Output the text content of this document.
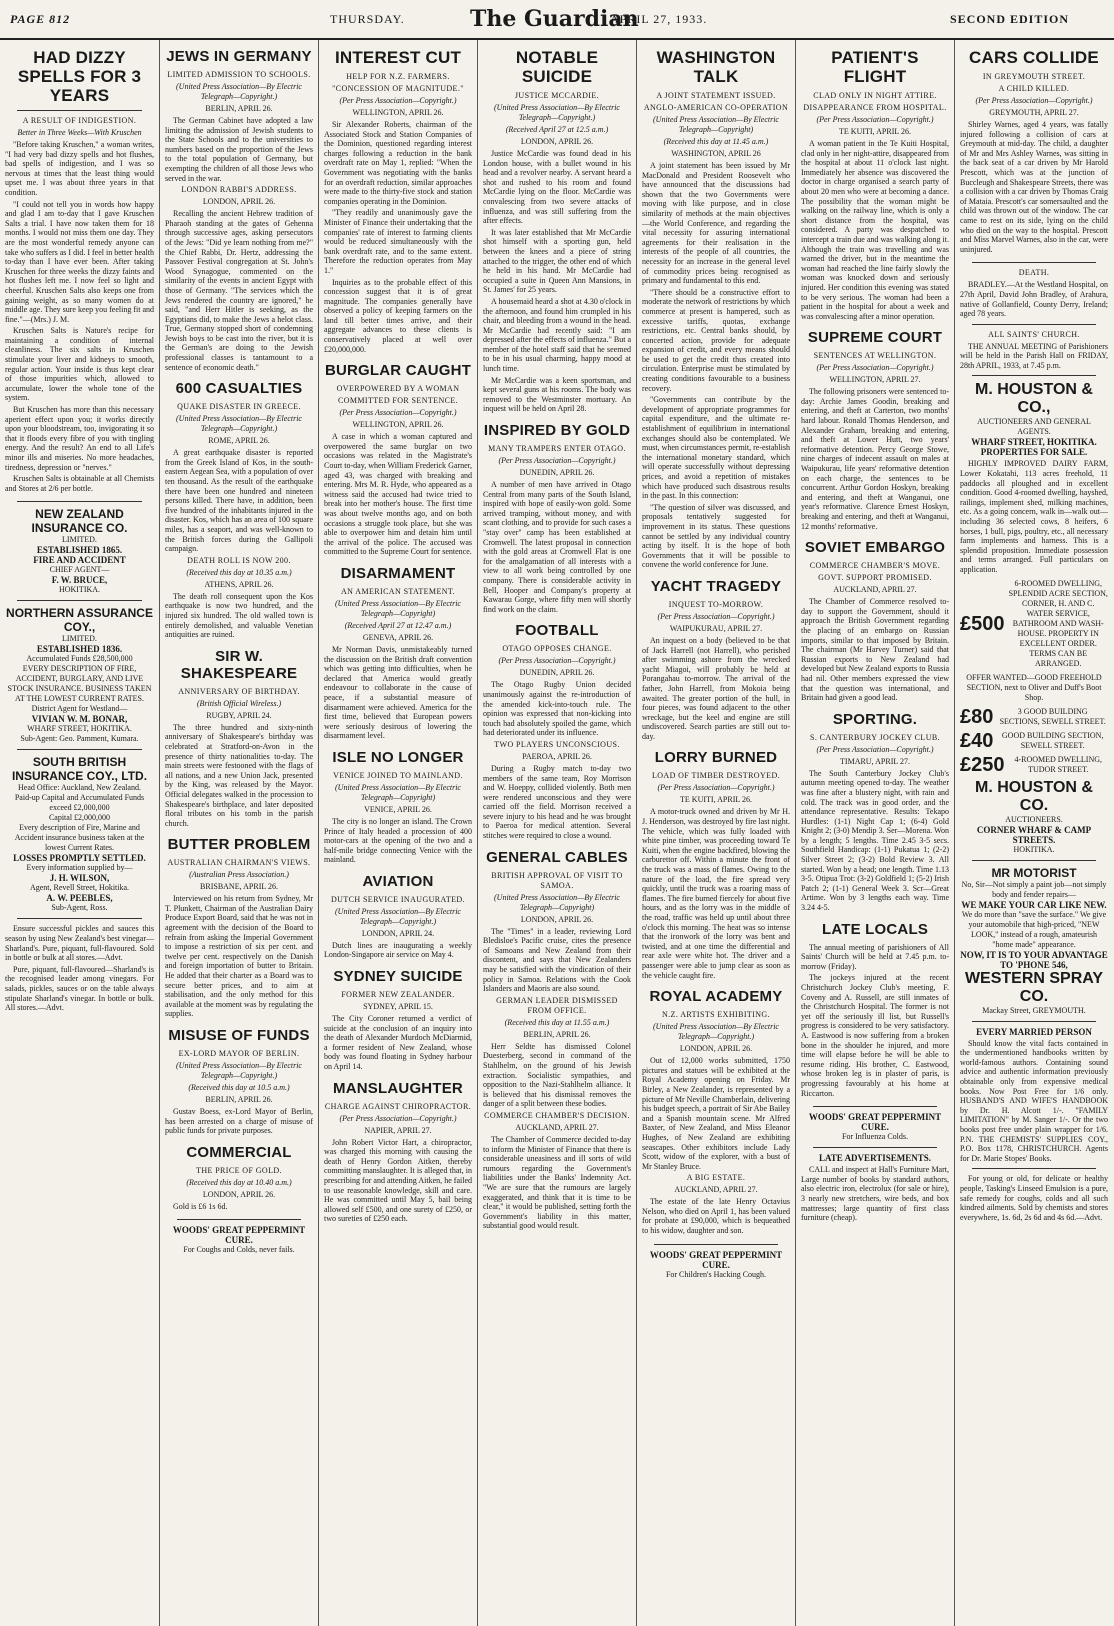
PAGE 812	THURSDAY.	The Guardian
APRIL 27, 1933.	SECOND EDITION
HAD DIZZY SPELLS FOR 3 YEARS
A RESULT OF INDIGESTION.
Better in Three Weeks—With Kruschen

"Before taking Kruschen," a woman writes, "I had very bad dizzy spells and hot flushes, bad spells of indigestion, and I was so nervous at times that the least thing would upset me. I was about three years in that condition.

"I could not tell you in words how happy and glad I am to-day that I gave Kruschen Salts a trial. I have now taken them for 18 months. I would not miss them one day. They are the most wonderful remedy anyone can take who suffers as I did. I feel in better health to-day than I have ever been. After taking Kruschen for three weeks the dizzy faints and hot flushes left me. I now feel so light and cheerful. Kruschen Salts also keeps one from gaining weight, as so many women do at middle age. They sure keep you feeling fit and fine."—(Mrs.) J. M.

Kruschen Salts is Nature's recipe for maintaining a condition of internal cleanliness. The six salts in Kruschen stimulate your liver and kidneys to smooth, regular action. Your inside is thus kept clear of those impurities which, allowed to accumulate, lower the whole tone of the system.

But Kruschen has more than this necessary aperient effect upon you; it works directly upon your bloodstream, too, invigorating it so that it floods every fibre of you with tingling energy. And the result? An end to all Life's minor ills and miseries. No more headaches, tiredness, depression or "nerves."

Kruschen Salts is obtainable at all Chemists and Stores at 2/6 per bottle.

NEW ZEALAND INSURANCE CO.
LIMITED.
ESTABLISHED 1865.
FIRE AND ACCIDENT
CHIEF AGENT—
F. W. BRUCE,
HOKITIKA.
NORTHERN ASSURANCE COY.,
LIMITED.
ESTABLISHED 1836.
Accumulated Funds £28,500,000
EVERY DESCRIPTION OF FIRE, ACCIDENT, BURGLARY, AND LIVE STOCK INSURANCE. BUSINESS TAKEN AT THE LOWEST CURRENT RATES.
District Agent for Westland—
VIVIAN W. M. BONAR,
WHARF STREET, HOKITIKA.
Sub-Agent: Geo. Pamment, Kumara.
SOUTH BRITISH INSURANCE COY., LTD.
Head Office: Auckland, New Zealand.
Paid-up Capital and Accumulated Funds exceed £2,000,000
Capital £2,000,000
Every description of Fire, Marine and Accident insurance business taken at the lowest Current Rates.
LOSSES PROMPTLY SETTLED.
Every information supplied by—
J. H. WILSON,
Agent, Revell Street, Hokitika.
A. W. PEEBLES,
Sub-Agent, Ross.

Ensure successful pickles and sauces this season by using New Zealand's best vinegar—Sharland's. Pure, piquant, full-flavoured. Sold in bottle or bulk at all stores.—Advt.

Pure, piquant, full-flavoured—Sharland's is the recognised leader among vinegars. For salads, pickles, sauces or on the table always stipulate Sharland's vinegar. In bottle or bulk. All stores.—Advt.

JEWS IN GERMANY
LIMITED ADMISSION TO SCHOOLS.
(United Press Association—By Electric Telegraph—Copyright.)
BERLIN, APRIL 26.

The German Cabinet have adopted a law limiting the admission of Jewish students to the State Schools and to the universities to numbers based on the proportion of the Jews to the total population of Germany, but exempting the children of all those Jews who served in the war.

LONDON RABBI'S ADDRESS.
LONDON, APRIL 26.

Recalling the ancient Hebrew tradition of Pharaoh standing at the gates of Gehenna through successive ages, asking persecutors of the Jews: "Did ye learn nothing from me?" the Chief Rabbi, Dr. Hertz, addressing the Passover Festival congregation at St. John's Wood Synagogue, commented on the similarity of the events in ancient Egypt with those of Germany. "The services which the Jews rendered the country are ignored," he said, "and Herr Hitler is seeking, as the Egyptians did, to make the Jews a helot class. True, Germany stopped short of condemning Jewish boys to be cast into the river, but it is the German's are doing to the Jewish professional classes is tantamount to a sentence of economic death."

600 CASUALTIES
QUAKE DISASTER IN GREECE.
(United Press Association—By Electric Telegraph—Copyright.)
ROME, APRIL 26.

A great earthquake disaster is reported from the Greek Island of Kos, in the south-eastern Aegean Sea, with a population of over ten thousand. As the result of the earthquake there have been one hundred and nineteen persons killed. There have, in addition, been five hundred of the inhabitants injured in the disaster. Kos, which has an area of 100 square miles, has a seaport, and was well-known to the British forces during the Gallipoli campaign.

DEATH ROLL IS NOW 200.
(Received this day at 10.35 a.m.)
ATHENS, APRIL 26.

The death roll consequent upon the Kos earthquake is now two hundred, and the injured six hundred. The old walled town is entirely demolished, and valuable Venetian antiquities are ruined.

SIR W. SHAKESPEARE
ANNIVERSARY OF BIRTHDAY.
(British Official Wireless.)
RUGBY, APRIL 24.

The three hundred and sixty-ninth anniversary of Shakespeare's birthday was celebrated at Stratford-on-Avon in the presence of thirty nationalities to-day. The main streets were festooned with the flags of all nations, and a new Union Jack, presented by the King, was released by the Mayor. Official delegates walked in the procession to Shakespeare's birthplace, and later deposited floral tributes on his tomb in the parish church.

BUTTER PROBLEM
AUSTRALIAN CHAIRMAN'S VIEWS.
(Australian Press Association.)
BRISBANE, APRIL 26.

Interviewed on his return from Sydney, Mr T. Plunkett, Chairman of the Australian Dairy Produce Export Board, said that he was not in agreement with the decision of the Board to refrain from asking the Imperial Government to impose a restriction of six per cent. and twelve per cent. respectively on the Danish and foreign importation of butter to Britain. He added that their charter as a Board was to secure better prices, and to aim at stabilisation, and the only method for this available at the moment was by regulating the supplies.

MISUSE OF FUNDS
EX-LORD MAYOR OF BERLIN.
(United Press Association—By Electric Telegraph—Copyright.)
(Received this day at 10.5 a.m.)
BERLIN, APRIL 26.

Gustav Boess, ex-Lord Mayor of Berlin, has been arrested on a charge of misuse of public funds for private purposes.

COMMERCIAL
THE PRICE OF GOLD.
(Received this day at 10.40 a.m.)
LONDON, APRIL 26.

Gold is £6 1s 6d.

WOODS' GREAT PEPPERMINT CURE.
For Coughs and Colds, never fails.
INTEREST CUT
HELP FOR N.Z. FARMERS.
"CONCESSION OF MAGNITUDE."
(Per Press Association—Copyright.)
WELLINGTON, APRIL 26.

Sir Alexander Roberts, chairman of the Associated Stock and Station Companies of the Dominion, questioned regarding interest charges following a reduction in the bank overdraft rate on May 1, replied: "When the Government was negotiating with the banks for an overdraft reduction, similar approaches were made to the thirty-five stock and station companies operating in the Dominion.

"They readily and unanimously gave the Minister of Finance their undertaking that the companies' rate of interest to farming clients would be reduced simultaneously with the bank overdraft rate, and to the same extent. Therefore the reduction operates from May 1."

Inquiries as to the probable effect of this concession suggest that it is of great magnitude. The companies generally have observed a policy of keeping farmers on the land till better times arrive, and their aggregate advances to these clients is conservatively placed at well over £20,000,000.

BURGLAR CAUGHT
OVERPOWERED BY A WOMAN
COMMITTED FOR SENTENCE.
(Per Press Association—Copyright.)
WELLINGTON, APRIL 26.

A case in which a woman captured and overpowered the same burglar on two occasions was related in the Magistrate's Court to-day, when William Frederick Garner, aged 43, was charged with breaking and entering. Mrs M. R. Hyde, who appeared as a witness said the accused had twice tried to break into her mother's house. The first time was about twelve months ago, and on both occasions a struggle took place, but she was able to overpower him and detain him until the arrival of the police. The accused was committed to the Supreme Court for sentence.

DISARMAMENT
AN AMERICAN STATEMENT.
(United Press Association—By Electric Telegraph—Copyright)
(Received April 27 at 12.47 a.m.)
GENEVA, APRIL 26.

Mr Norman Davis, unmistakeably turned the discussion on the British draft convention which was getting into difficulties, when he declared that America would greatly endeavour to collaborate in the cause of peace, if a substantial measure of disarmament were achieved. America for the first time, believed that European powers were seriously desirous of lowering the disarmament level.

ISLE NO LONGER
VENICE JOINED TO MAINLAND.
(United Press Association—By Electric Telegraph—Copyright)
VENICE, APRIL 26.

The city is no longer an island. The Crown Prince of Italy headed a procession of 400 motor-cars at the opening of the two and a half-mile bridge connecting Venice with the mainland.

AVIATION
DUTCH SERVICE INAUGURATED.
(United Press Association—By Electric Telegraph—Copyright.)
LONDON, APRIL 24.

Dutch lines are inaugurating a weekly London-Singapore air service on May 4.

SYDNEY SUICIDE
FORMER NEW ZEALANDER.
SYDNEY, APRIL 15.

The City Coroner returned a verdict of suicide at the conclusion of an inquiry into the death of Alexander Murdoch McDiarmid, a former resident of New Zealand, whose body was found floating in Sydney harbour on April 14.

MANSLAUGHTER
CHARGE AGAINST CHIROPRACTOR.
(Per Press Association—Copyright.)
NAPIER, APRIL 27.

John Robert Victor Hart, a chiropractor, was charged this morning with causing the death of Henry Gordon Aitken, thereby committing manslaughter. It is alleged that, in prescribing for and attending Aitken, he failed to use reasonable knowledge, skill and care. He was committed until May 5, bail being allowed self £500, and one surety of £250, or two sureties of £250 each.

NOTABLE SUICIDE
JUSTICE MCCARDIE.
(United Press Association—By Electric Telegraph—Copyright.)
(Received April 27 at 12.5 a.m.)
LONDON, APRIL 26.

Justice McCardie was found dead in his London house, with a bullet wound in his head and a revolver nearby. A servant heard a shot and rushed to his room and found McCardie lying on the floor. McCardie was convalescing from two severe attacks of influenza, and was still suffering from the after effects.

It was later established that Mr McCardie shot himself with a sporting gun, held between the knees and a piece of string attached to the trigger, the other end of which he held in his hand. Mr McCardie had occupied a suite in Queen Ann Mansions, in St. James' for 25 years.

A housemaid heard a shot at 4.30 o'clock in the afternoon, and found him crumpled in his chair, and bleeding from a wound in the head. Mr McCardie had recently said: "I am depressed after the effects of influenza." But a member of the hotel staff said that he seemed to be in his usual charming, happy mood at lunch time.

Mr McCardie was a keen sportsman, and kept several guns at his rooms. The body was removed to the Westminster mortuary. An inquest will be held on April 28.

INSPIRED BY GOLD
MANY TRAMPERS ENTER OTAGO.
(Per Press Association—Copyright.)
DUNEDIN, APRIL 26.

A number of men have arrived in Otago Central from many parts of the South Island, inspired with hope of easily-won gold. Some arrived tramping, without money, and with scant clothing, and to provide for such cases a "stay over" camp has been established at Cromwell. The latest proposal in connection with the gold areas at Cromwell Flat is one for the amalgamation of all interests with a view to all work being controlled by one company. There is considerable activity in Bell, Hooper and Company's property at Kawarau Gorge, where fifty men will shortly find work on the claim.

FOOTBALL
OTAGO OPPOSES CHANGE.
(Per Press Association—Copyright.)
DUNEDIN, APRIL 26.

The Otago Rugby Union decided unanimously against the re-introduction of the amended kick-into-touch rule. The opinion was expressed that non-kicking into touch had absolutely spoiled the game, which had deteriorated under its influence.

TWO PLAYERS UNCONSCIOUS.
PAEROA, APRIL 26.

During a Rugby match to-day two members of the same team, Roy Morrison and W. Hoeppy, collided violently. Both men were rendered unconscious and they were carried off the field. Morrison received a severe injury to his head and he was brought to Paeroa for medical attention. Several stitches were required to close a wound.

GENERAL CABLES
BRITISH APPROVAL OF VISIT TO SAMOA.
(United Press Association—By Electric Telegraph—Copyright)
LONDON, APRIL 26.

The "Times" in a leader, reviewing Lord Bledisloe's Pacific cruise, cites the presence of Samoans and New Zealand from their discontent, and says that New Zealanders may be satisfied with the vindication of their policy in Samoa. Relations with the Cook Islanders and Maoris are also sound.

GERMAN LEADER DISMISSED FROM OFFICE.
(Received this day at 11.55 a.m.)
BERLIN, APRIL 26.

Herr Seldte has dismissed Colonel Duesterberg, second in command of the Stahlhelm, on the ground of his Jewish extraction. Socialistic sympathies, and opposition to the Nazi-Stahlhelm alliance. It is believed that his dismissal removes the danger of a split between these bodies.

COMMERCE CHAMBER'S DECISION.
AUCKLAND, APRIL 27.

The Chamber of Commerce decided to-day to inform the Minister of Finance that there is considerable uneasiness and ill sorts of wild rumours regarding the Government's liabilities under the Banks' Indemnity Act. "We are sure that the rumours are largely exaggerated, and think that it is time to be clear," it would be published, setting forth the Government's liability in this matter, substantial good would result.

WASHINGTON TALK
A JOINT STATEMENT ISSUED.
ANGLO-AMERICAN CO-OPERATION
(United Press Association—By Electric Telegraph—Copyright)
(Received this day at 11.45 a.m.)
WASHINGTON, APRIL 26

A joint statement has been issued by Mr MacDonald and President Roosevelt who have announced that the discussions had shown that the two Governments were moving with like purpose, and in close similarity of methods at the main objectives—the World Conference, and regarding the vital necessity for assuring international agreements for their realisation in the interests of the people of all countries, the necessity for an increase in the general level of commodity prices being recognised as primary and fundamental to this end.

"There should be a constructive effort to moderate the network of restrictions by which commerce at present is hampered, such as excessive tariffs, quotas, exchange restrictions, etc. Central banks should, by concerted action, provide for adequate expansion of credit, and every means should be used to get the credit thus created into circulation. Enterprise must be stimulated by creating conditions favourable to a business recovery.

"Governments can contribute by the development of appropriate programmes for capital expenditure, and the ultimate re-establishment of equilibrium in international exchanges should also be contemplated. We must, when circumstances permit, re-establish the international monetary standard, which will operate successfully without depressing prices, and avoid a repetition of mistakes which have produced such disastrous results in the past. In this connection:

"The question of silver was discussed, and proposals tentatively suggested for improvement in its status. These questions cannot be settled by any individual country acting by itself. It is the hope of both Governments that it will be possible to convene the world conference for June.

YACHT TRAGEDY
INQUEST TO-MORROW.
(Per Press Association—Copyright.)
WAIPUKURAU, APRIL 27.

An inquest on a body (believed to be that of Jack Harrell (not Harrell), who perished after swimming ashore from the wrecked yacht Miagoi, will probably be held at Porangahau to-morrow. The arrival of the father, John Harrell, from Mokoia being awaited. The greater portion of the hull, in four pieces, was found adjacent to the other wreckage, but the keel and engine are still undiscovered. Search parties are still out to-day.

LORRY BURNED
LOAD OF TIMBER DESTROYED.
(Per Press Association—Copyright.)
TE KUITI, APRIL 26.

A motor-truck owned and driven by Mr H. J. Henderson, was destroyed by fire last night. The vehicle, which was fully loaded with white pine timber, was proceeding toward Te Kuiti, when the engine backfired, blowing the carburettor off. Within a minute the front of the truck was a mass of flames. Owing to the nature of the load, the fire spread very quickly, until the truck was a roaring mass of flames. The fire burned fiercely for about five hours, and as the lorry was in the middle of the road, traffic was held up until about three o'clock this morning. The heat was so intense that the ironwork of the lorry was bent and twisted, and at one time the differential and rear axle were white hot. The driver and a passenger were able to jump clear as soon as the vehicle caught fire.

ROYAL ACADEMY
N.Z. ARTISTS EXHIBITING.
(United Press Association—By Electric Telegraph—Copyright.)
LONDON, APRIL 26.

Out of 12,000 works submitted, 1750 pictures and statues will be exhibited at the Royal Academy opening on Friday. Mr Birley, a New Zealander, is represented by a picture of Mr Neville Chamberlain, delivering his budget speech, a portrait of Sir Abe Bailey and a Spanish mountain scene. Mr Alfred Baxter, of New Zealand, and Miss Eleanor Hughes, of New Zealand are exhibiting seascapes. Other exhibitors include Lady Scott, widow of the explorer, with a bust of Mr Stanley Bruce.

A BIG ESTATE.
AUCKLAND, APRIL 27.

The estate of the late Henry Octavius Nelson, who died on April 1, has been valued for probate at £90,000, which is bequeathed to his widow, daughter and son.

WOODS' GREAT PEPPERMINT CURE.
For Children's Hacking Cough.
PATIENT'S FLIGHT
CLAD ONLY IN NIGHT ATTIRE.
DISAPPEARANCE FROM HOSPITAL.
(Per Press Association—Copyright.)
TE KUITI, APRIL 26.

A woman patient in the Te Kuiti Hospital, clad only in her night-attire, disappeared from the hospital at about 11 o'clock last night. Immediately her absence was discovered the doctor in charge organised a search party of about 20 men who were at becoming a dance. The possibility that the woman might be walking on the railway line, which is only a short distance from the hospital, was considered. A party was despatched to intercept a train due and was walking along it. Although the train was travelling and was warned the driver, but in the meantime the woman had reached the line fairly slowly the woman was knocked down and seriously injured. Her condition this evening was stated to be very serious. The woman had been a patient in the hospital for about a week and was convalescing after a minor operation.

SUPREME COURT
SENTENCES AT WELLINGTON.
(Per Press Association—Copyright.)
WELLINGTON, APRIL 27.

The following prisoners were sentenced to-day: Archie James Goodin, breaking and entering, and theft at Carterton, two months' hard labour. Ronald Thomas Henderson, and Alexander Graham, breaking and entering, and theft at Lower Hutt, two years' reformative detention. Percy George Stowe, nine charges of indecent assault on males at Waipukurau, life years' reformative detention on each charge, the sentences to be concurrent. Arthur Gordon Hoskyn, breaking and entering, and theft at Wanganui, one year's reformative. Clarence Ernest Hoskyn, breaking and entering, and theft at Wanganui, 12 months' reformative.

SOVIET EMBARGO
COMMERCE CHAMBER'S MOVE.
GOVT. SUPPORT PROMISED.
AUCKLAND, APRIL 27.

The Chamber of Commerce resolved to-day to support the Government, should it approach the British Government regarding the placing of an embargo on Russian imports, similar to that imposed by Britain. The chairman (Mr Harvey Turner) said that Russian exports to New Zealand had developed but New Zealand exports to Russia had nil. Other members expressed the view that the question was international, and Britain had given a good lead.

SPORTING.
S. CANTERBURY JOCKEY CLUB.
(Per Press Association—Copyright.)
TIMARU, APRIL 27.

The South Canterbury Jockey Club's autumn meeting opened to-day. The weather was fine after a blustery night, with rain and cold. The track was in good order, and the attendance representative. Results: Tekapo Hurdles: (1-1) Night Cap 1; (6-4) Gold Knight 2; (3-0) Mendip 3. Ser—Morena. Won by a length; 5 lengths. Time 2.45 3-5 secs. Southfield Handicap: (1-1) Pukatua 1; (2-2) Silver Street 2; (3-2) Bold Review 3. All started. Won by a head; one length. Time 1.13 3-5. Otipua Trot: (3-2) Goldfield 1; (5-2) Irish Patch 2; (1-1) General Week 3. Scr—Great Artime. Won by 3 lengths each way. Time 3.24 4-5.

LATE LOCALS

The annual meeting of parishioners of All Saints' Church will be held at 7.45 p.m. to-morrow (Friday).

The jockeys injured at the recent Christchurch Jockey Club's meeting, F. Coveny and A. Russell, are still inmates of the Christchurch Hospital. The former is not yet off the seriously ill list, but Russell's progress is considered to be very satisfactory. A. Eastwood is now suffering from a broken bone in the shoulder he injured, and more time will elapse before he will be able to resume riding. His brother, C. Eastwood, whose broken leg is in plaster of paris, is progressing favourably at his home at Riccarton.

WOODS' GREAT PEPPERMINT CURE.
For Influenza Colds.
LATE ADVERTISEMENTS.

CALL and inspect at Hall's Furniture Mart, Large number of books by standard authors, also electric iron, electrolux (for sale or hire), 3 nearly new stretchers, wire beds, and box mattresses; large quantity of first class furniture (cheap).

CARS COLLIDE
IN GREYMOUTH STREET.
A CHILD KILLED.
(Per Press Association—Copyright.)
GREYMOUTH, APRIL 27.

Shirley Warnes, aged 4 years, was fatally injured following a collision of cars at Greymouth at mid-day. The child, a daughter of Mr and Mrs Ashley Warnes, was sitting in the back seat of a car driven by Mr Harold Prescott, which was at the junction of Buccleugh and Shakespeare Streets, there was a collision with a car driven by Thomas Craig of Mataia. Prescott's car somersaulted and the child was thrown out of the window. The car came to rest on its side, lying on the child who died on the way to the hospital. Prescott and Miss Marvel Warnes, also in the car, were uninjured.

DEATH.

BRADLEY.—At the Westland Hospital, on 27th April, David John Bradley, of Arahura, native of Gollanfield, County Derry, Ireland; aged 78 years.

ALL SAINTS' CHURCH.

THE ANNUAL MEETING of Parishioners will be held in the Parish Hall on FRIDAY, 28th APRIL, 1933, at 7.45 p.m.

M. HOUSTON & CO.,
AUCTIONEERS AND GENERAL AGENTS.
WHARF STREET, HOKITIKA.
PROPERTIES FOR SALE.

HIGHLY IMPROVED DAIRY FARM, Lower Kokatahi, 113 acres freehold, 11 paddocks all ploughed and in excellent condition. Good 4-roomed dwelling, hayshed, railings, implement shed, milking machines, etc. As a going concern, walk in—walk out—including 36 selected cows, 8 heifers, 6 horses, 1 bull, pigs, poultry, etc., all necessary farm implements and harness. This is a splendid proposition. Immediate possession and terms arranged. Full particulars on application.

£500
6-ROOMED DWELLING, SPLENDID ACRE SECTION, CORNER, H. AND C. WATER SERVICE, BATHROOM AND WASH-HOUSE. PROPERTY IN EXCELLENT ORDER. TERMS CAN BE ARRANGED.
OFFER WANTED—GOOD FREEHOLD SECTION, next to Oliver and Duff's Boot Shop.
£80	3 GOOD BUILDING SECTIONS, SEWELL STREET.
£40	GOOD BUILDING SECTION, SEWELL STREET.
£250	4-ROOMED DWELLING, TUDOR STREET.
M. HOUSTON & CO.
AUCTIONEERS.
CORNER WHARF & CAMP STREETS.
HOKITIKA.
MR MOTORIST
No, Sir—Not simply a paint job—not simply body and fender repairs—
WE MAKE YOUR CAR LIKE NEW.
We do more than "save the surface." We give your automobile that high-priced, "NEW LOOK," instead of a rough, amateurish "home made" appearance.
NOW, IT IS TO YOUR ADVANTAGE TO 'PHONE 546,
WESTERN SPRAY CO.
Mackay Street, GREYMOUTH.
EVERY MARRIED PERSON

Should know the vital facts contained in the undermentioned handbooks written by world-famous authors. Containing sound advice and authentic information previously obtainable only from expensive medical books. Now Post Free for 1/6 only. HUSBAND'S AND WIFE'S HANDBOOK by Dr. H. Alcott 1/-. "FAMILY LIMITATION" by M. Sanger 1/-. Or the two books post free under plain wrapper for 1/6. P.N. THE CHEMISTS' SUPPLIES COY., P.O. Box 1178, CHRISTCHURCH. Agents for Dr. Marie Stopes' Books.

For young or old, for delicate or healthy people, Tasking's Linseed Emulsion is a pure, safe remedy for coughs, colds and all such kindred ailments. Sold by chemists and stores everywhere, 1s. 6d, 2s 6d and 4s 6d.—Advt.
